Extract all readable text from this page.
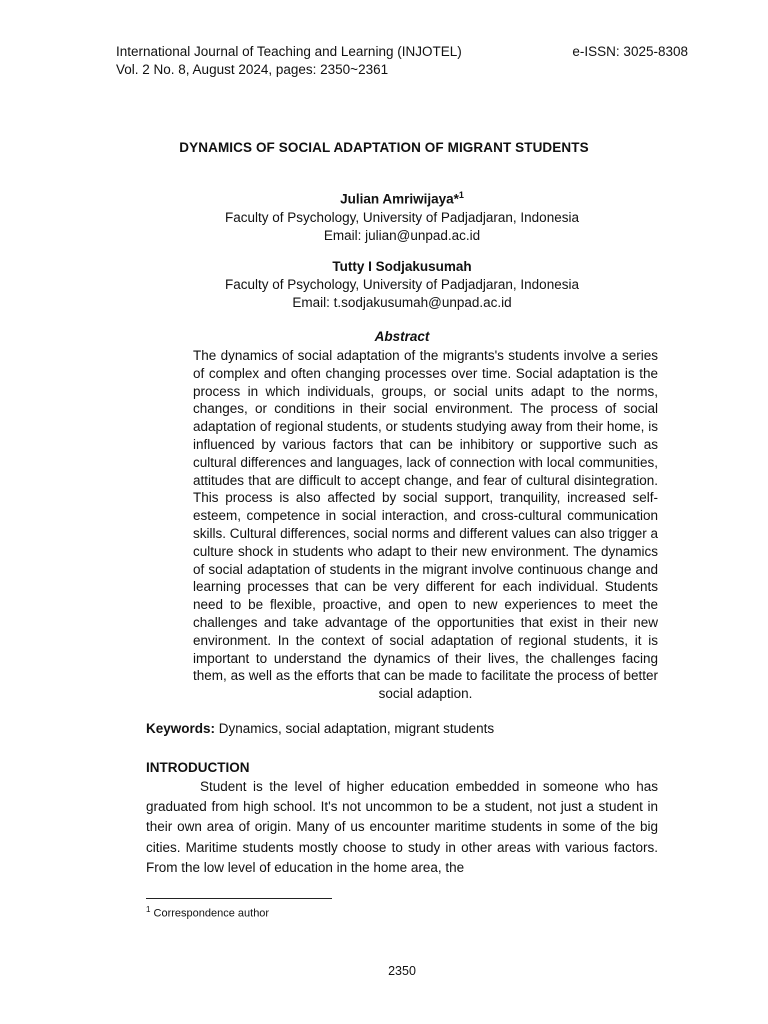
International Journal of Teaching and Learning (INJOTEL)	e-ISSN: 3025-8308
Vol. 2 No. 8, August 2024, pages: 2350~2361
DYNAMICS OF SOCIAL ADAPTATION OF MIGRANT STUDENTS
Julian Amriwijaya*$^1$
Faculty of Psychology, University of Padjadjaran, Indonesia
Email: julian@unpad.ac.id
Tutty I Sodjakusumah
Faculty of Psychology, University of Padjadjaran, Indonesia
Email: t.sodjakusumah@unpad.ac.id
Abstract
The dynamics of social adaptation of the migrants's students involve a series of complex and often changing processes over time. Social adaptation is the process in which individuals, groups, or social units adapt to the norms, changes, or conditions in their social environment. The process of social adaptation of regional students, or students studying away from their home, is influenced by various factors that can be inhibitory or supportive such as cultural differences and languages, lack of connection with local communities, attitudes that are difficult to accept change, and fear of cultural disintegration. This process is also affected by social support, tranquility, increased self-esteem, competence in social interaction, and cross-cultural communication skills. Cultural differences, social norms and different values can also trigger a culture shock in students who adapt to their new environment. The dynamics of social adaptation of students in the migrant involve continuous change and learning processes that can be very different for each individual. Students need to be flexible, proactive, and open to new experiences to meet the challenges and take advantage of the opportunities that exist in their new environment. In the context of social adaptation of regional students, it is important to understand the dynamics of their lives, the challenges facing them, as well as the efforts that can be made to facilitate the process of better social adaption.
Keywords: Dynamics, social adaptation, migrant students
INTRODUCTION
Student is the level of higher education embedded in someone who has graduated from high school. It's not uncommon to be a student, not just a student in their own area of origin. Many of us encounter maritime students in some of the big cities. Maritime students mostly choose to study in other areas with various factors. From the low level of education in the home area, the
$^1$ Correspondence author
2350
